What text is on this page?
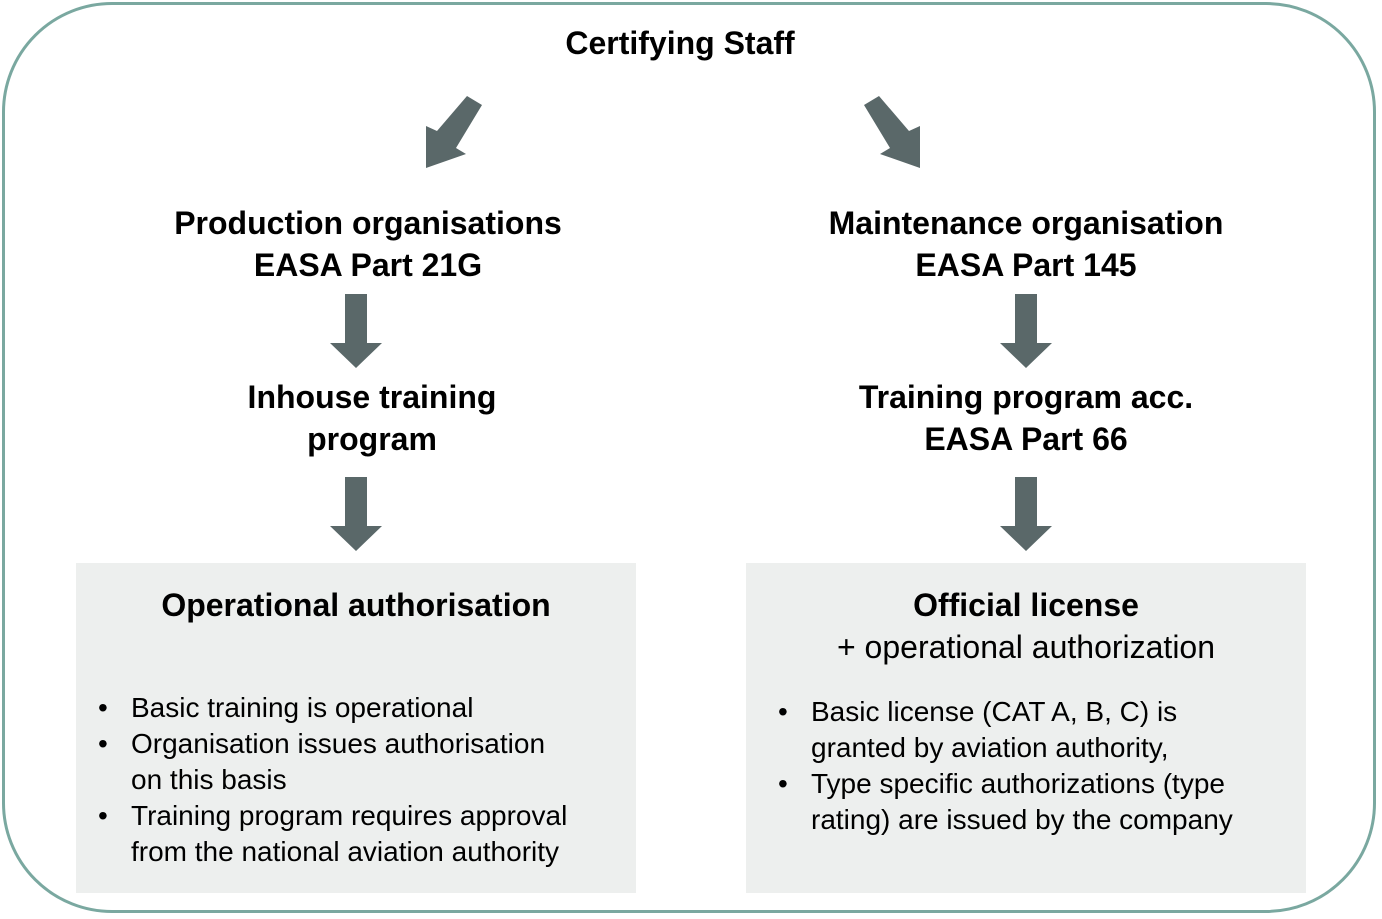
Certifying Staff
Production organisations
EASA Part 21G
Maintenance organisation
EASA Part 145
Inhouse training
program
Training program acc.
EASA Part 66
Operational authorisation
• Basic training is operational
• Organisation issues authorisation
on this basis
• Training program requires approval
from the national aviation authority
Official license
+ operational authorization
• Basic license (CAT A, B, C) is
granted by aviation authority,
• Type specific authorizations (type
rating) are issued by the company
